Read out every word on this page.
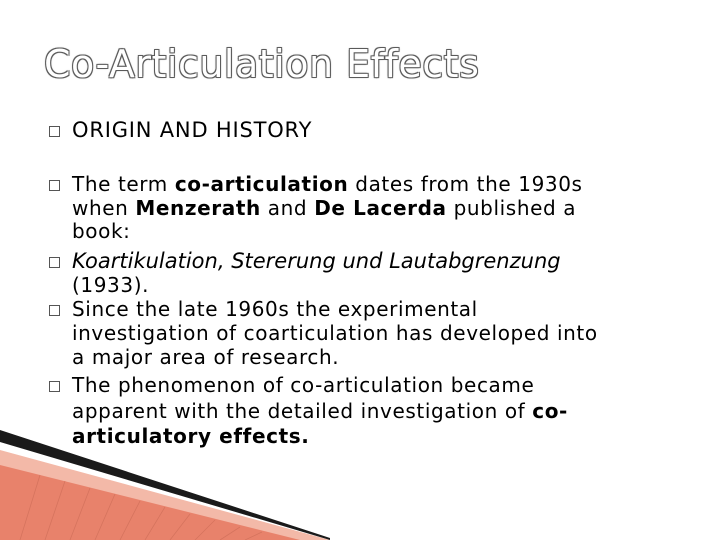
Co-Articulation Effects
ORIGIN AND HISTORY
The term co-articulation dates from the 1930s
when Menzerath and De Lacerda published a
book:
Koartikulation, Stererung und Lautabgrenzung
(1933).
Since the late 1960s the experimental
investigation of coarticulation has developed into
a major area of research.
The phenomenon of co-articulation became
apparent with the detailed investigation of co-
articulatory effects.
